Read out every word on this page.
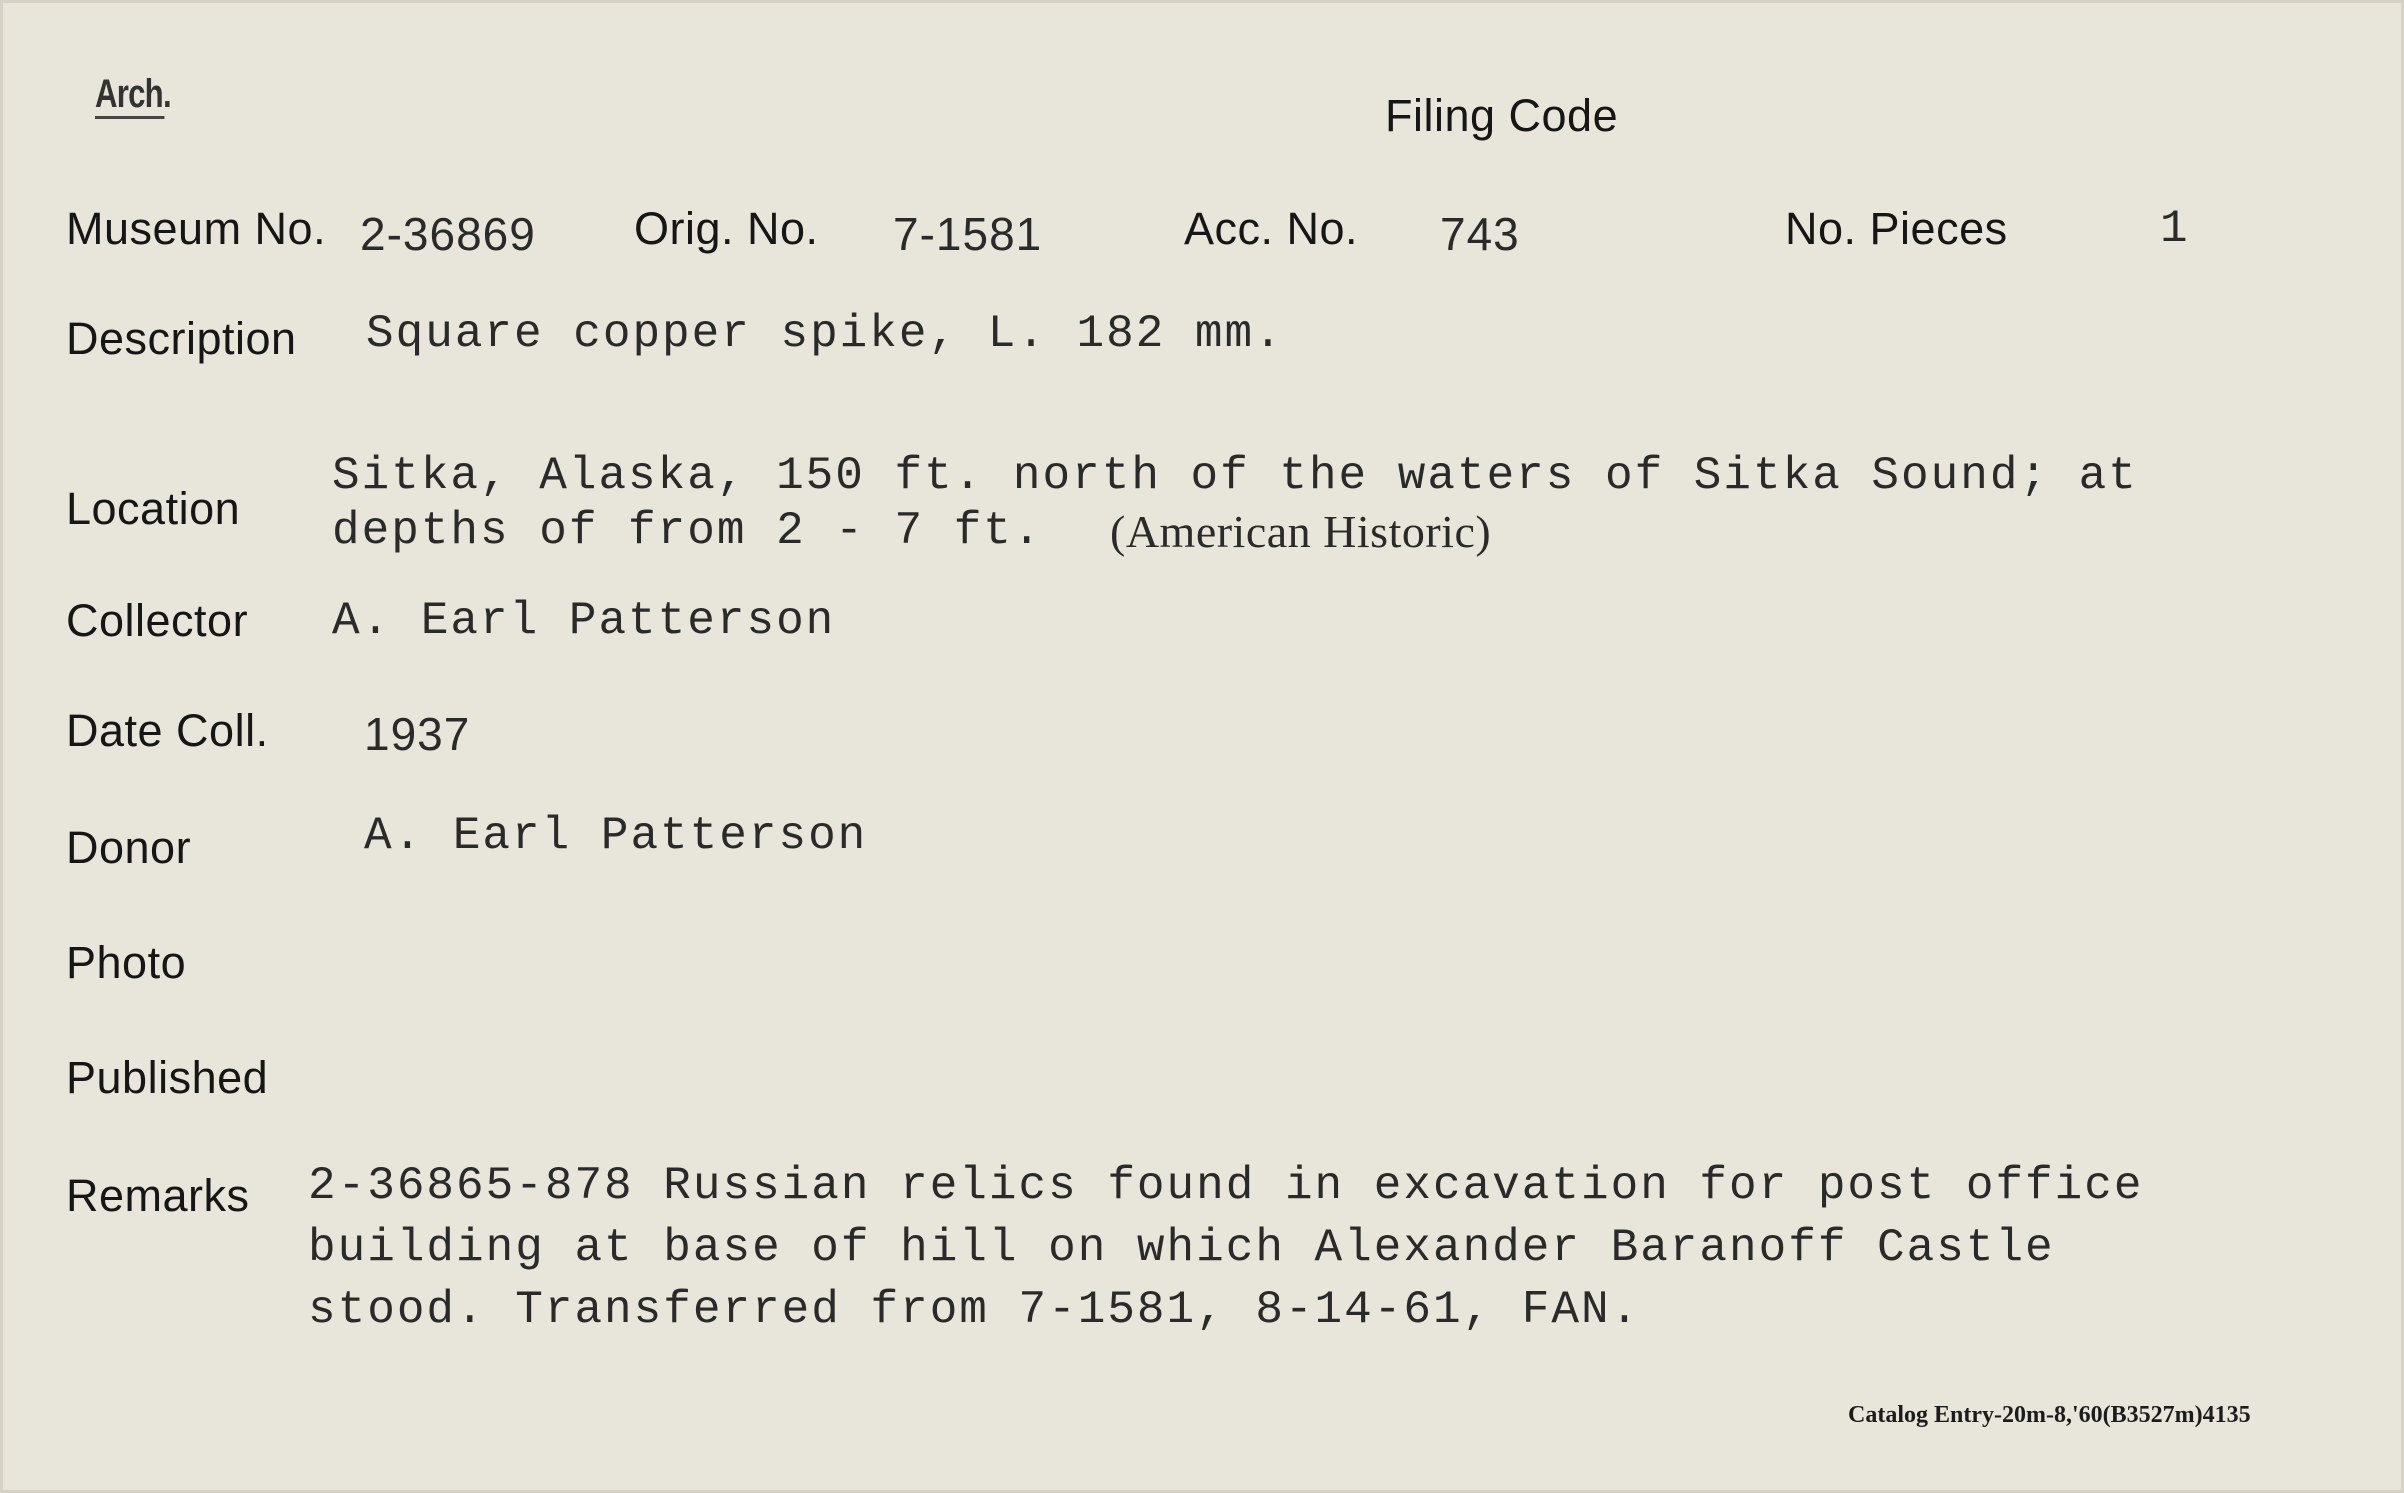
Arch.	Filing Code
Museum No. 2-36869 Orig. No. 7-1581	Acc. No. 743	No. Pieces	1
Description Square copper spike, L. 182 mm.
Location
Sitka, Alaska, 150 ft. north of the waters of Sitka Sound; at
depths of from 2 - 7 ft. (American Historic)
Collector A. Earl Patterson
Date Coll. 1937
Donor	A. Earl Patterson
Photo
Published
Remarks 2-36865-878 Russian relics found in excavation for post office
building at base of hill on which Alexander Baranoff Castle
stood. Transferred from 7-1581, 8-14-61, FAN.
Catalog Entry-20m-8,'60(B3527m)4135
